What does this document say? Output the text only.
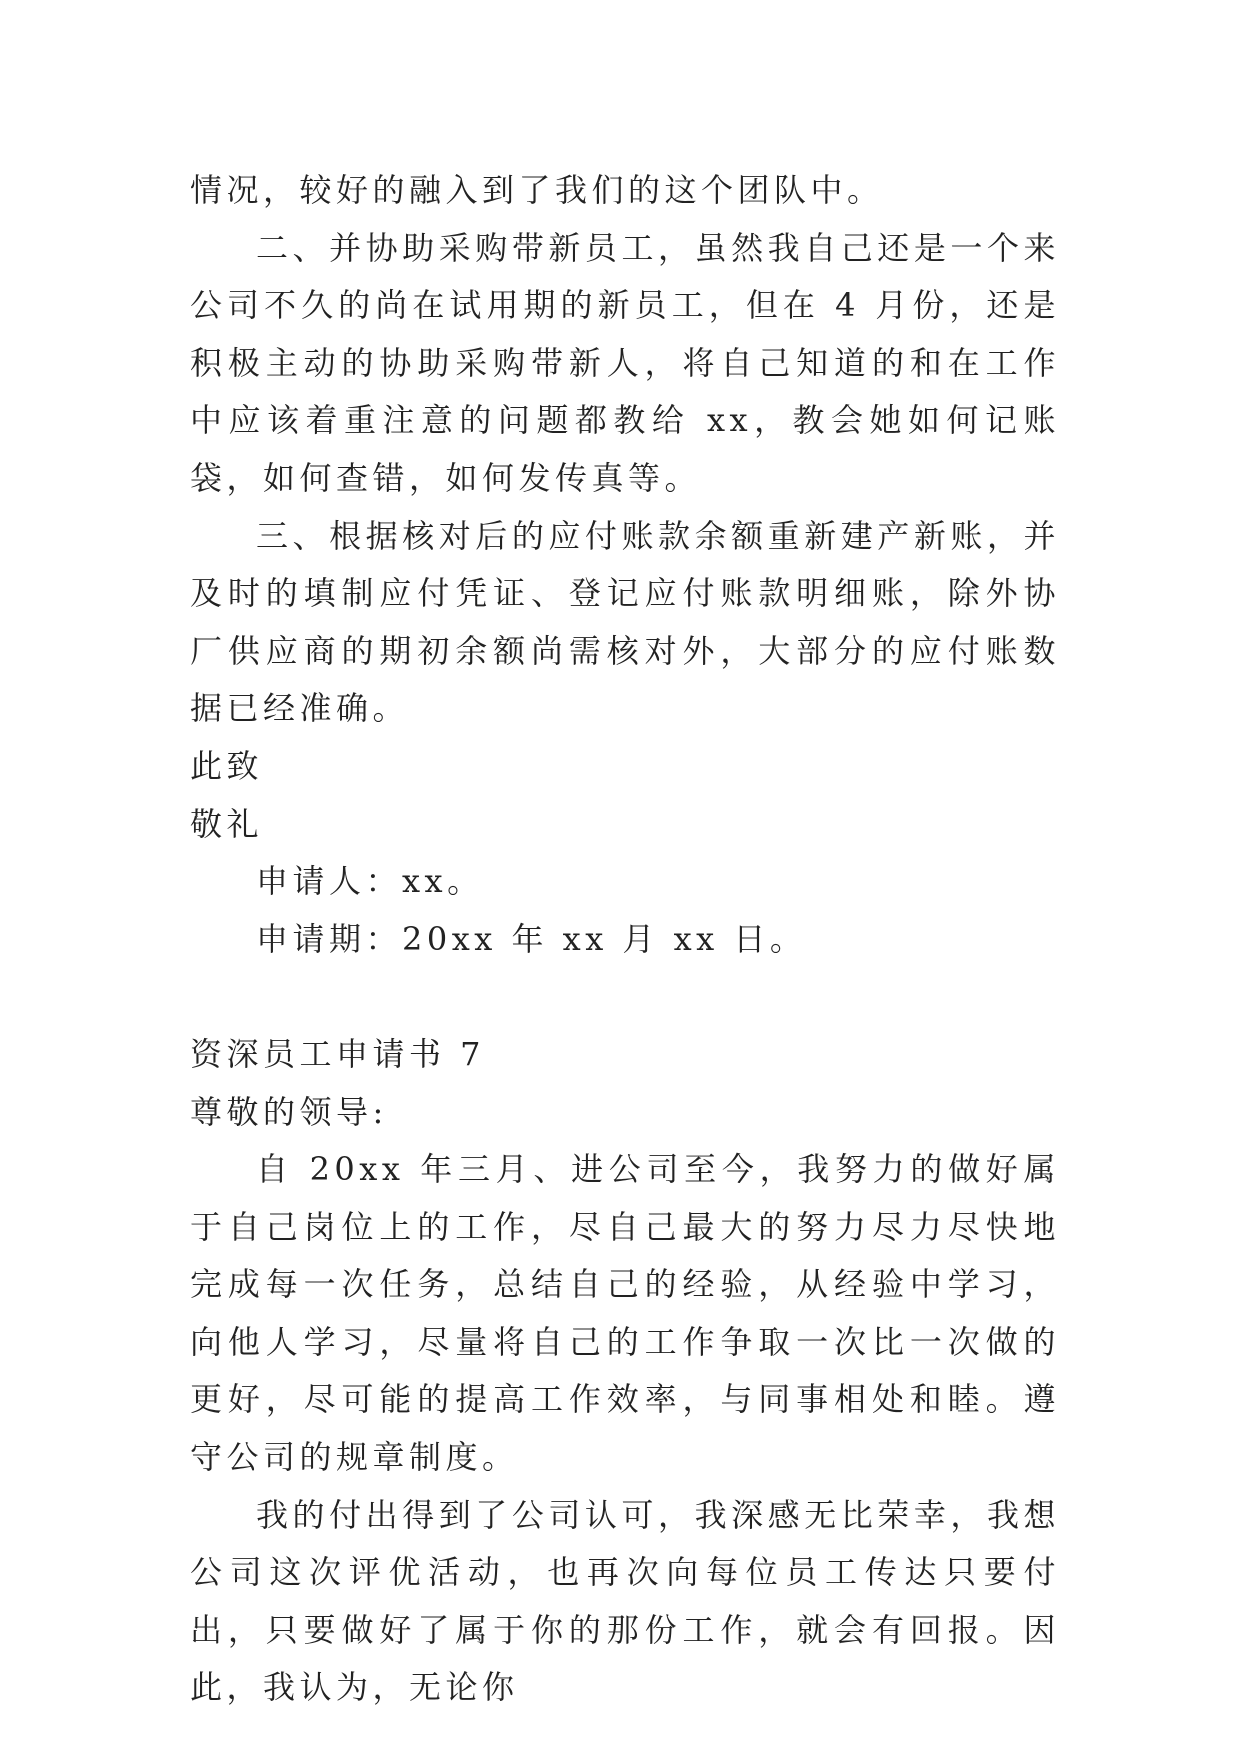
情况，较好的融入到了我们的这个团队中。

二、并协助采购带新员工，虽然我自己还是一个来公司不久的尚在试用期的新员工，但在 4 月份，还是积极主动的协助采购带新人，将自己知道的和在工作中应该着重注意的问题都教给 xx，教会她如何记账袋，如何查错，如何发传真等。

三、根据核对后的应付账款余额重新建产新账，并及时的填制应付凭证、登记应付账款明细账，除外协厂供应商的期初余额尚需核对外，大部分的应付账数据已经准确。

此致

敬礼

申请人：xx。

申请期：20xx 年 xx 月 xx 日。

资深员工申请书 7

尊敬的领导:

自 20xx 年三月、进公司至今，我努力的做好属于自己岗位上的工作，尽自己最大的努力尽力尽快地完成每一次任务，总结自己的经验，从经验中学习，向他人学习，尽量将自己的工作争取一次比一次做的更好，尽可能的提高工作效率，与同事相处和睦。遵守公司的规章制度。

我的付出得到了公司认可，我深感无比荣幸，我想公司这次评优活动，也再次向每位员工传达只要付出，只要做好了属于你的那份工作，就会有回报。因此，我认为，无论你
